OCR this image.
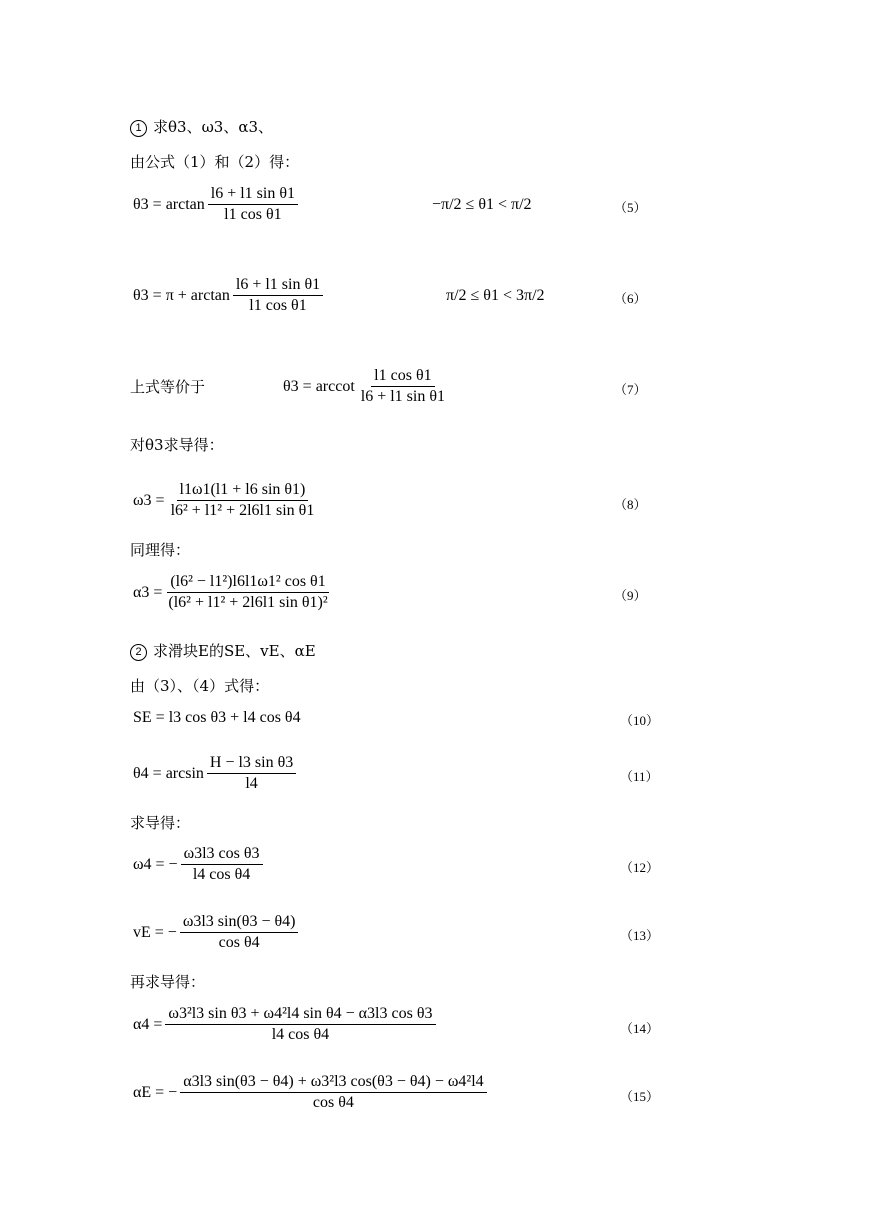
1 求θ3、ω3、α3、
由公式（1）和（2）得：
$\theta 3 = \arctan \frac{\text{l6 + l1 sin θ1}}{\text{l1 cos θ1}}$	−π/2 ≤ θ1 < π/2	（5）
$\theta 3 = \pi + \arctan \frac{\text{l6 + l1 sin θ1}}{\text{l1 cos θ1}}$	π/2 ≤ θ1 < 3π/2	（6）
上式等价于	θ3 = arccot $\frac{\text{l1 cos θ1}}{\text{l6 + l1 sin θ1}}$	（7）
对θ3求导得：
$\omega 3 = \frac{\text{l1ω1(l1 + l6 sin θ1)}}{\text{l6² + l1² + 2l6l1 sin θ1}}$	（8）
同理得：
$\alpha 3 = \frac{\text{(l6² − l1²)l6l1ω1² cos θ1}}{\text{(l6² + l1² + 2l6l1 sin θ1)²}}$	（9）
2 求滑块E的SE、vE、αE
由（3）、（4）式得：
SE = l3 cos θ3 + l4 cos θ4	（10）
$\theta 4 = \arcsin \frac{\text{H − l3 sin θ3}}{l4}$	（11）
求导得：
ω4 = − $\frac{\text{ω3l3 cos θ3}}{\text{l4 cos θ4}}$	（12）
vE = − $\frac{\omega 3l3 \sin(\theta 3 - \theta 4)}{\text{cos θ4}}$	（13）
再求导得：
$\alpha 4 = \frac{\text{ω3²l3 sin θ3 + ω4²l4 sin θ4 − α3l3 cos θ3}}{\text{l4 cos θ4}}$	（14）
αE = − $\frac{\text{α3l3 sin(θ3 − θ4) + ω3²l3 cos(θ3 − θ4) − ω4²l4}}{\text{cos θ4}}$	（15）
